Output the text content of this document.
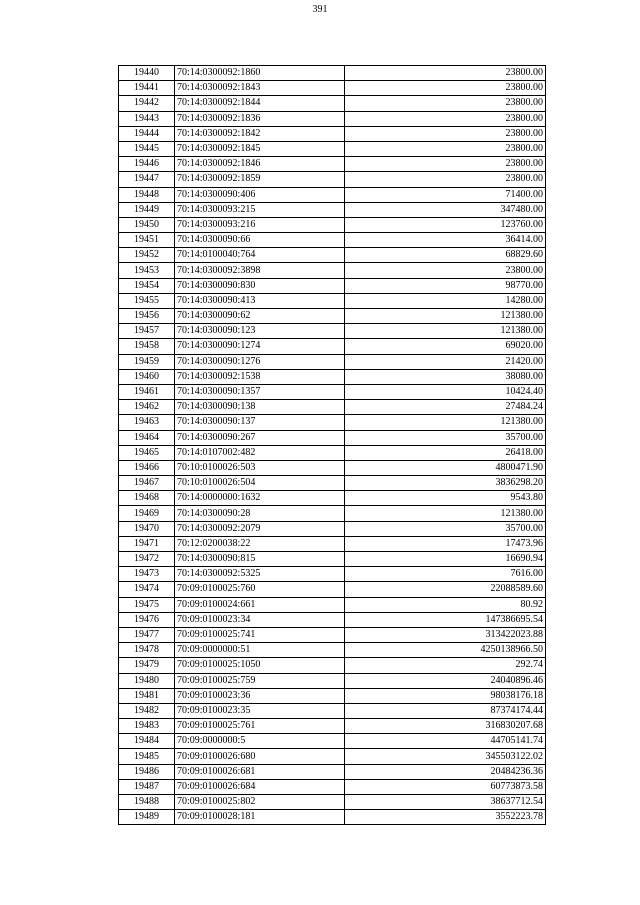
391
19440	70:14:0300092:1860	23800.00
19441	70:14:0300092:1843	23800.00
19442	70:14:0300092:1844	23800.00
19443	70:14:0300092:1836	23800.00
19444	70:14:0300092:1842	23800.00
19445	70:14:0300092:1845	23800.00
19446	70:14:0300092:1846	23800.00
19447	70:14:0300092:1859	23800.00
19448	70:14:0300090:406	71400.00
19449	70:14:0300093:215	347480.00
19450	70:14:0300093:216	123760.00
19451	70:14:0300090:66	36414.00
19452	70:14:0100040:764	68829.60
19453	70:14:0300092:3898	23800.00
19454	70:14:0300090:830	98770.00
19455	70:14:0300090:413	14280.00
19456	70:14:0300090:62	121380.00
19457	70:14:0300090:123	121380.00
19458	70:14:0300090:1274	69020.00
19459	70:14:0300090:1276	21420.00
19460	70:14:0300092:1538	38080.00
19461	70:14:0300090:1357	10424.40
19462	70:14:0300090:138	27484.24
19463	70:14:0300090:137	121380.00
19464	70:14:0300090:267	35700.00
19465	70:14:0107002:482	26418.00
19466	70:10:0100026:503	4800471.90
19467	70:10:0100026:504	3836298.20
19468	70:14:0000000:1632	9543.80
19469	70:14:0300090:28	121380.00
19470	70:14:0300092:2079	35700.00
19471	70:12:0200038:22	17473.96
19472	70:14:0300090:815	16690.94
19473	70:14:0300092:5325	7616.00
19474	70:09:0100025:760	22088589.60
19475	70:09:0100024:661	80.92
19476	70:09:0100023:34	147386695.54
19477	70:09:0100025:741	313422023.88
19478	70:09:0000000:51	4250138966.50
19479	70:09:0100025:1050	292.74
19480	70:09:0100025:759	24040896.46
19481	70:09:0100023:36	98038176.18
19482	70:09:0100023:35	87374174.44
19483	70:09:0100025:761	316830207.68
19484	70:09:0000000:5	44705141.74
19485	70:09:0100026:680	345503122.02
19486	70:09:0100026:681	20484236.36
19487	70:09:0100026:684	60773873.58
19488	70:09:0100025:802	38637712.54
19489	70:09:0100028:181	3552223.78
